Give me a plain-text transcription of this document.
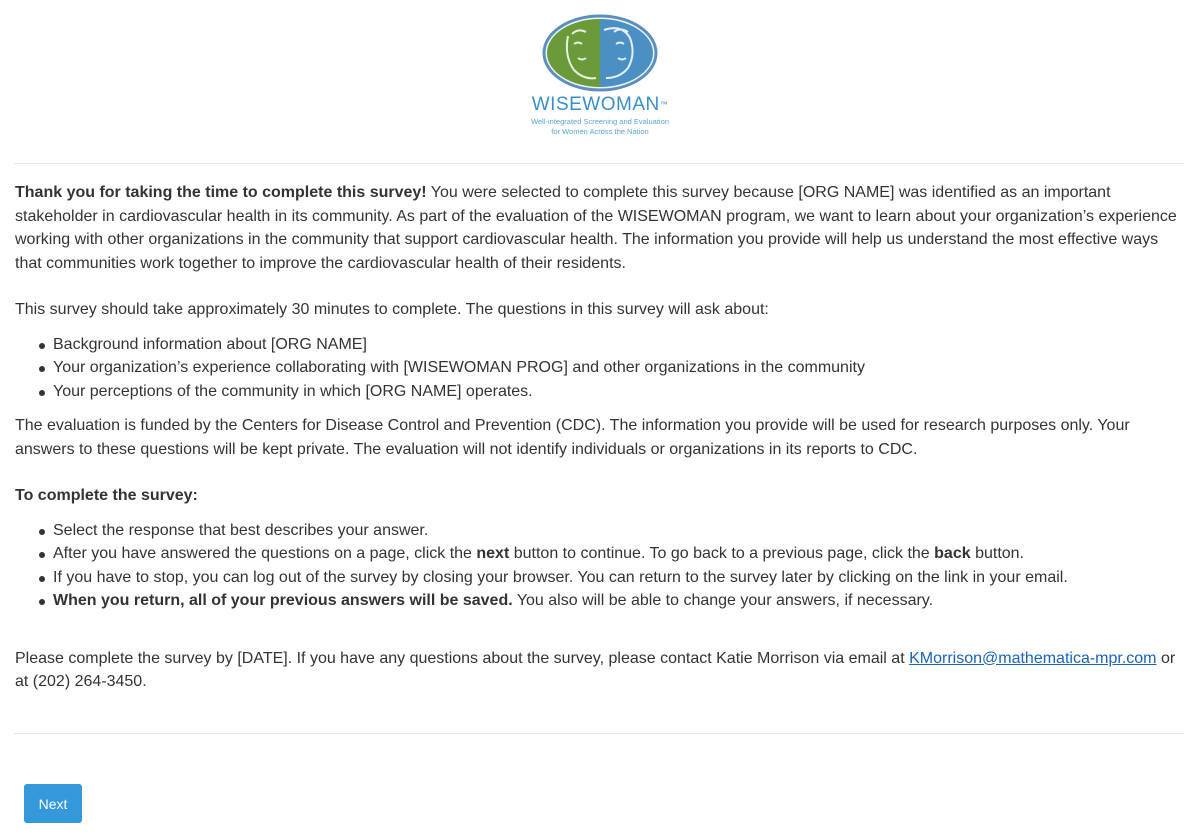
WISEWOMAN™
Well-integrated Screening and Evaluation
for Women Across the Nation

Thank you for taking the time to complete this survey! You were selected to complete this survey because [ORG NAME] was identified as an important stakeholder in cardiovascular health in its community. As part of the evaluation of the WISEWOMAN program, we want to learn about your organization’s experience working with other organizations in the community that support cardiovascular health. The information you provide will help us understand the most effective ways that communities work together to improve the cardiovascular health of their residents.

This survey should take approximately 30 minutes to complete. The questions in this survey will ask about:

Background information about [ORG NAME]
Your organization’s experience collaborating with [WISEWOMAN PROG] and other organizations in the community
Your perceptions of the community in which [ORG NAME] operates.

The evaluation is funded by the Centers for Disease Control and Prevention (CDC). The information you provide will be used for research purposes only. Your answers to these questions will be kept private. The evaluation will not identify individuals or organizations in its reports to CDC.

To complete the survey:

Select the response that best describes your answer.
After you have answered the questions on a page, click the next button to continue. To go back to a previous page, click the back button.
If you have to stop, you can log out of the survey by closing your browser. You can return to the survey later by clicking on the link in your email.
When you return, all of your previous answers will be saved. You also will be able to change your answers, if necessary.

Please complete the survey by [DATE]. If you have any questions about the survey, please contact Katie Morrison via email at KMorrison@mathematica-mpr.com or at (202) 264-3450.

Next
